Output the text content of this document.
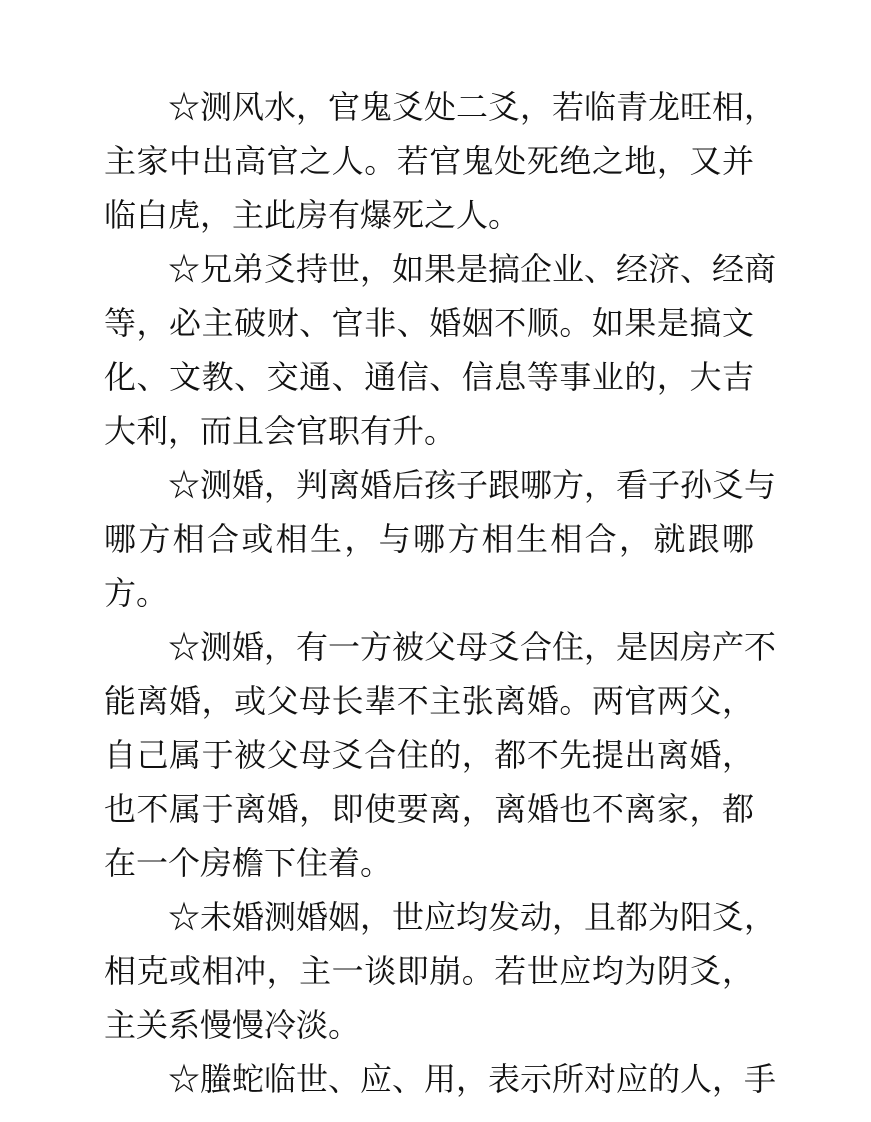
☆测风水，官鬼爻处二爻，若临青龙旺相，
主家中出高官之人。若官鬼处死绝之地，又并
临白虎，主此房有爆死之人。
☆兄弟爻持世，如果是搞企业、经济、经商
等，必主破财、官非、婚姻不顺。如果是搞文
化、文教、交通、通信、信息等事业的，大吉
大利，而且会官职有升。
☆测婚，判离婚后孩子跟哪方，看子孙爻与
哪方相合或相生，与哪方相生相合，就跟哪
方。
☆测婚，有一方被父母爻合住，是因房产不
能离婚，或父母长辈不主张离婚。两官两父，
自己属于被父母爻合住的，都不先提出离婚，
也不属于离婚，即使要离，离婚也不离家，都
在一个房檐下住着。
☆未婚测婚姻，世应均发动，且都为阳爻，
相克或相冲，主一谈即崩。若世应均为阴爻，
主关系慢慢冷淡。
☆螣蛇临世、应、用，表示所对应的人，手
